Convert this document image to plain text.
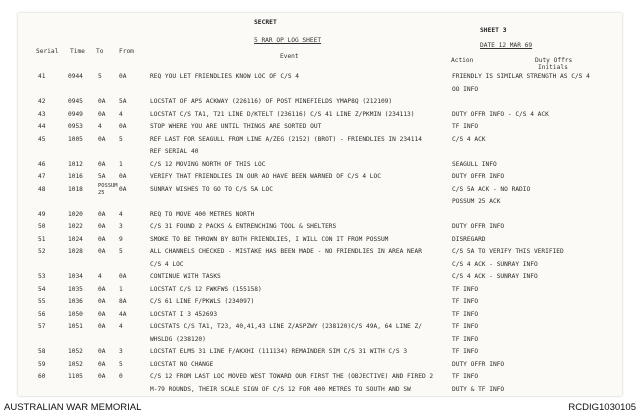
SECRET
SHEET 3
5 RAR OP LOG SHEET
DATE 12 MAR 69
Serial Time To	From
Event
Action	Duty Offrs
Initials
41	0944 5	0A	REQ YOU LET FRIENDLIES KNOW LOC OF C/S 4	FRIENDLY IS SIMILAR STRENGTH AS C/S 4
OO INFO
42	0945 0A 5A	LOCSTAT OF APS ACKWAY (226116) OF POST MINEFIELDS YMAP8Q (212109)
43	0949 0A 4	LOCSTAT C/S TA1, T21 LINE D/KTELT (236116) C/S 41 LINE Z/PKMIN (234113)	DUTY OFFR INFO - C/S 4 ACK
44	0953 4	0A	STOP WHERE YOU ARE UNTIL THINGS ARE SORTED OUT	TF INFO
45	1005 0A 5	REF LAST FOR SEAGULL FROM LINE A/ZEG (2152) (BROT) - FRIENDLIES IN 234114	C/S 4 ACK
REF SERIAL 40
46	1012 0A 1	C/S 12 MOVING NORTH OF THIS LOC	SEAGULL INFO
47	1016 5A 0A	VERIFY THAT FRIENDLIES IN OUR AO HAVE BEEN WARNED OF C/S 4 LOC	DUTY OFFR INFO
48	1018	POSSUM 25	0A	SUNRAY WISHES TO GO TO C/S 5A LOC	C/S 5A ACK - NO RADIO
POSSUM 25 ACK
49	1020 0A 4	REQ TO MOVE 400 METRES NORTH
50	1022 0A 3	C/S 31 FOUND 2 PACKS & ENTRENCHING TOOL & SHELTERS	DUTY OFFR INFO
51	1024 0A 9	SMOKE TO BE THROWN BY BOTH FRIENDLIES, I WILL CON IT FROM POSSUM	DISREGARD
52	1028 0A 5	ALL CHANNELS CHECKED - MISTAKE HAS BEEN MADE - NO FRIENDLIES IN AREA NEAR	C/S 5A TO VERIFY THIS VERIFIED
C/S 4 LOC	C/S 4 ACK - SUNRAY INFO
53	1034 4	0A	CONTINUE WITH TASKS	C/S 4 ACK - SUNRAY INFO
54	1035 0A 1	LOCSTAT C/S 12 FWKFWS (155158)	TF INFO
55	1036 0A 8A	C/S 61 LINE F/PKWLS (234097)	TF INFO
56	1050 0A 4A	LOCSTAT I 3 452693	TF INFO
57	1051 0A 4	LOCSTATS C/S TA1, T23, 40,41,43 LINE Z/ASPZWY (238120)C/S 49A, 64 LINE Z/	TF INFO
WHSLDG (238120)	TF INFO
58	1052 0A 3	LOCSTAT ELMS 31 LINE F/AKXHI (111134) REMAINDER SIM C/S 31 WITH C/S 3	TF INFO
59	1052 0A 5	LOCSTAT NO CHANGE	DUTY OFFR INFO
60	1105 0A 0	C/S 12 FROM LAST LOC MOVED WEST TOWARD OUR FIRST THE (OBJECTIVE) AND FIRED 2	TF INFO
M-79 ROUNDS, THEIR SCALE SIGN OF C/S 12 FOR 400 METRES TO SOUTH AND SW	DUTY & TF INFO
AUSTRALIAN WAR MEMORIAL	RCDIG1030105
